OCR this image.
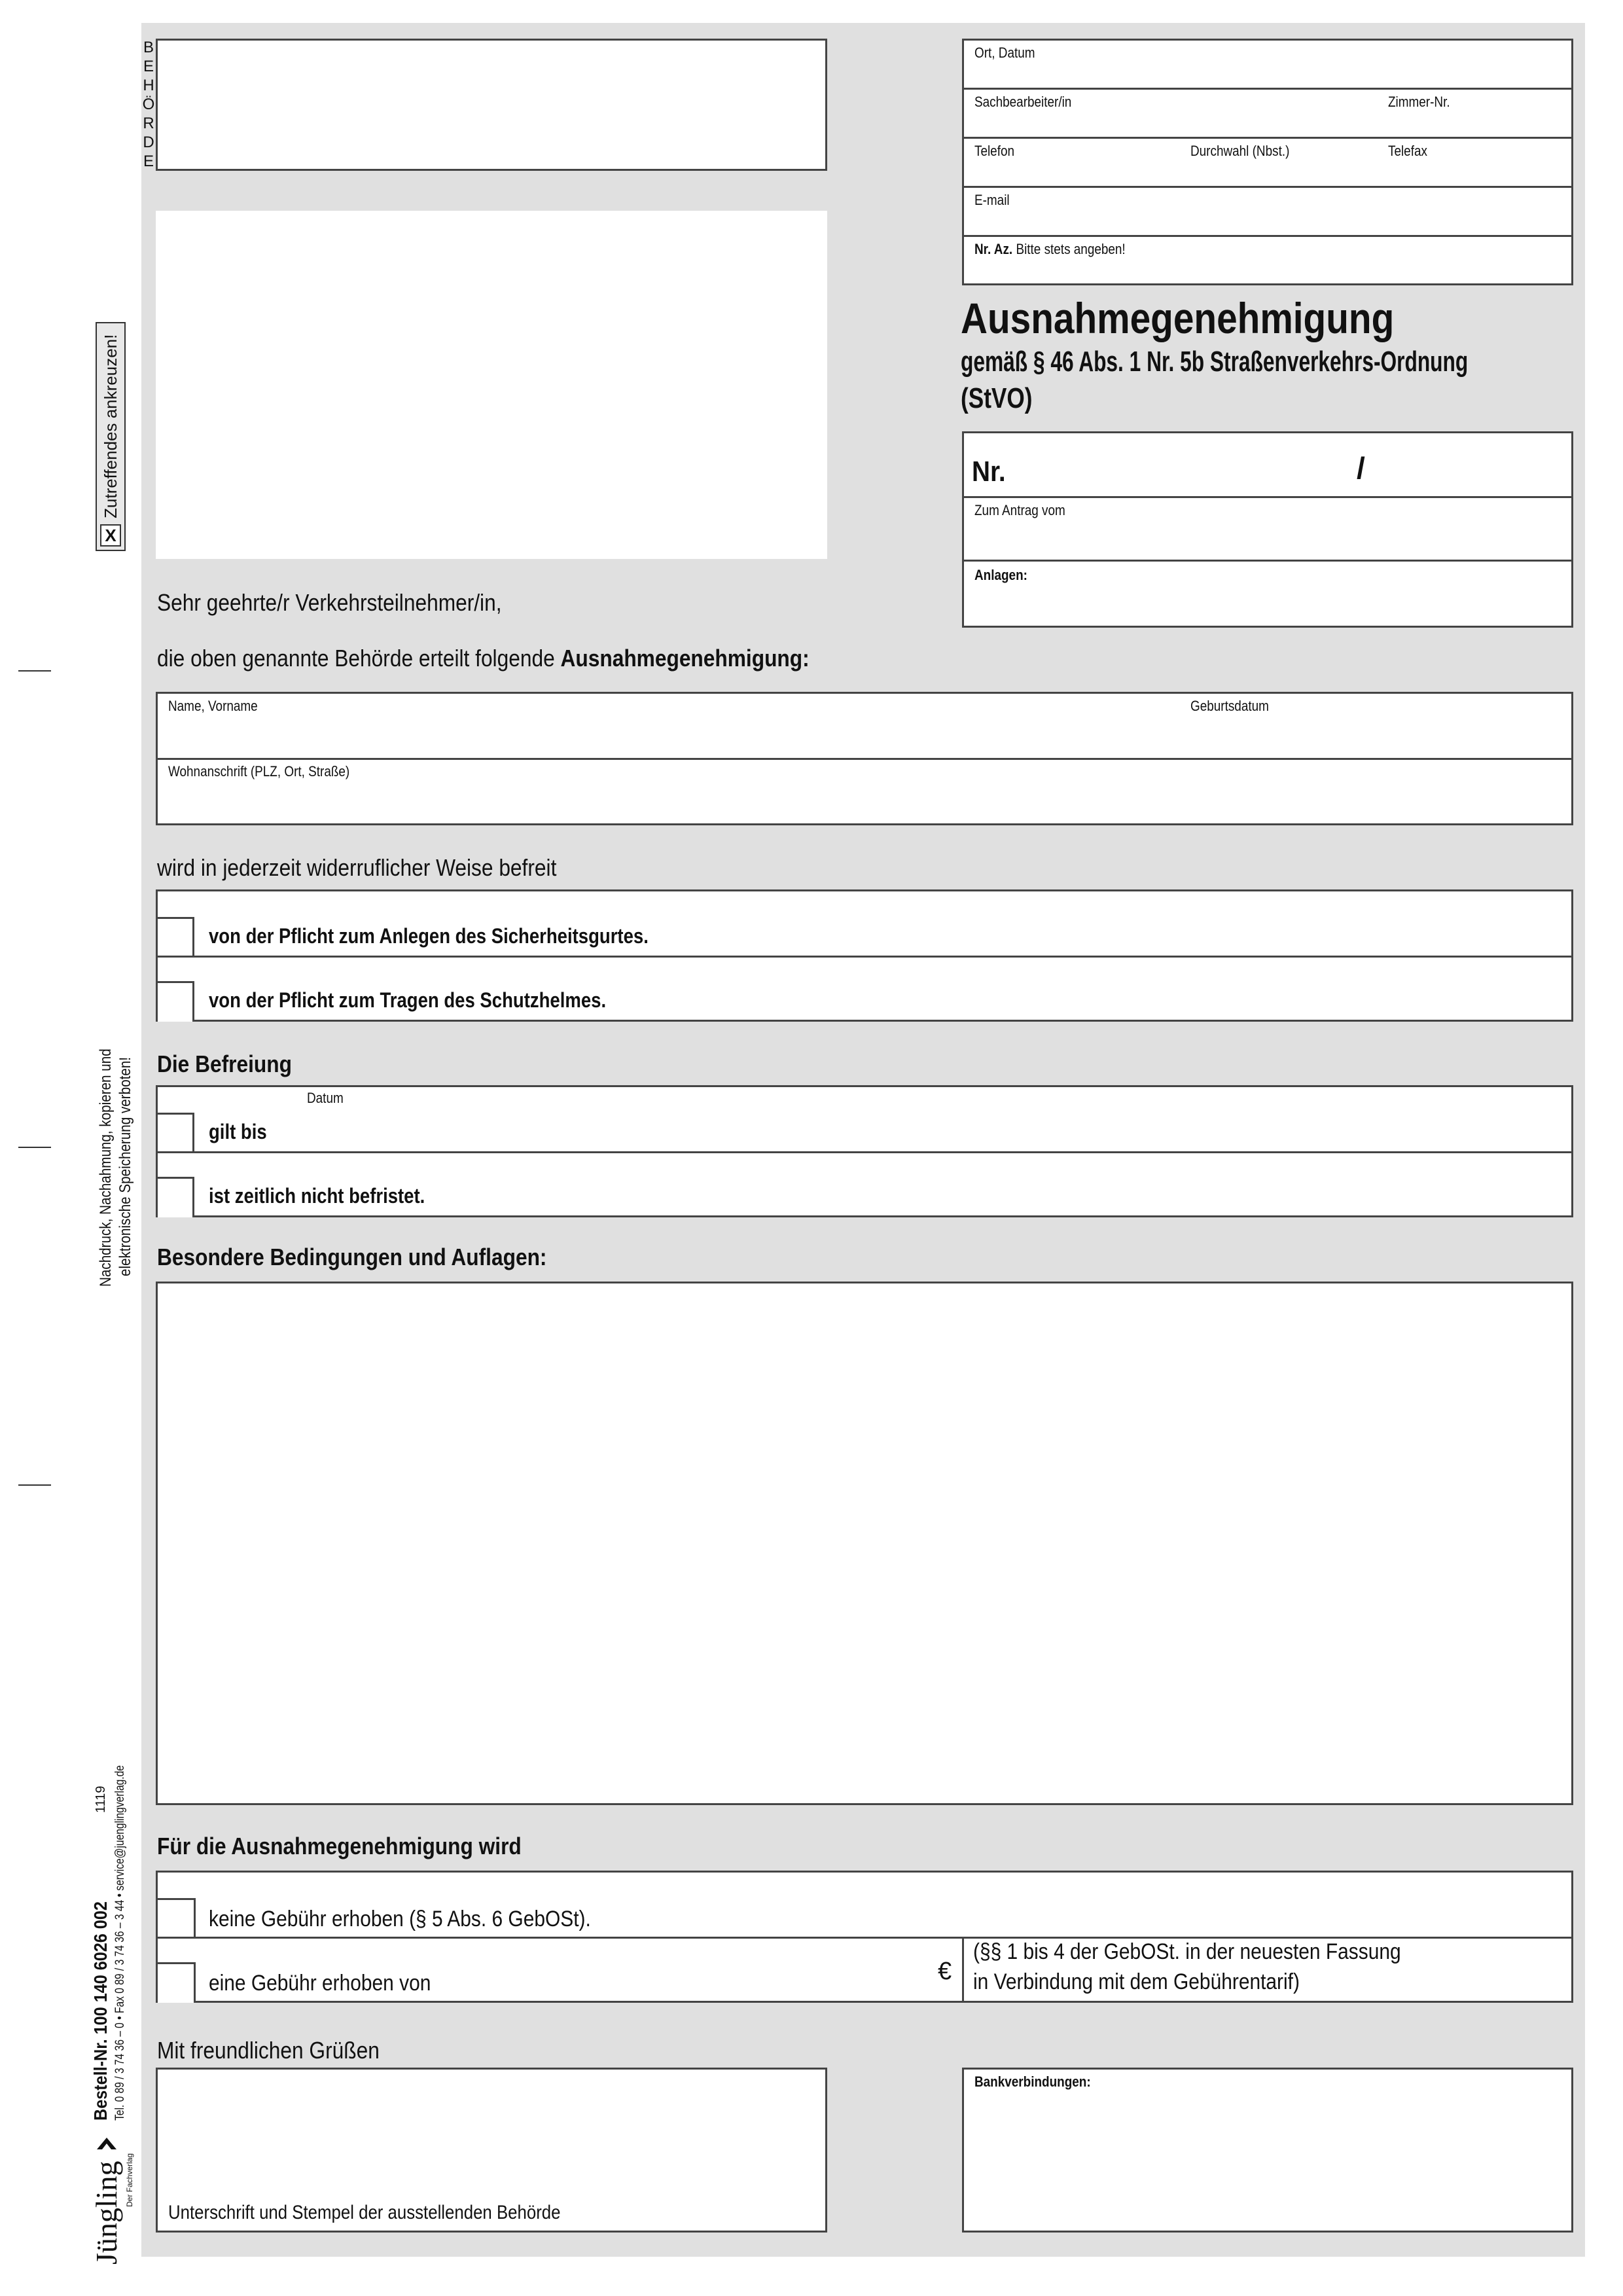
X
Zutreffendes ankreuzen!
Nachdruck, Nachahmung, kopieren und elektronische Speicherung verboten!
Jüngling Der Fachverlag
Bestell-Nr. 100 140 6026 002 Tel. 0 89 / 3 74 36 – 0 • Fax 0 89 / 3 74 36 – 3 44 • service@juenglingverlag.de
1119
B
E
H
Ö
R
D
E
Ort, Datum
Sachbearbeiter/in	Zimmer-Nr.
Telefon	Durchwahl (Nbst.)	Telefax
E-mail
Nr. Az. Bitte stets angeben!
Ausnahmegenehmigung
gemäß § 46 Abs. 1 Nr. 5b Straßenverkehrs-Ordnung
(StVO)
Nr.	/
Zum Antrag vom
Anlagen:
Sehr geehrte/r Verkehrsteilnehmer/in,
die oben genannte Behörde erteilt folgende Ausnahmegenehmigung:
Name, Vorname	Geburtsdatum
Wohnanschrift (PLZ, Ort, Straße)
wird in jederzeit widerruflicher Weise befreit
von der Pflicht zum Anlegen des Sicherheitsgurtes.
von der Pflicht zum Tragen des Schutzhelmes.
Die Befreiung
Datum
gilt bis
ist zeitlich nicht befristet.
Besondere Bedingungen und Auflagen:
Für die Ausnahmegenehmigung wird
keine Gebühr erhoben (§ 5 Abs. 6 GebOSt).
eine Gebühr erhoben von	€
(§§ 1 bis 4 der GebOSt. in der neuesten Fassung
in Verbindung mit dem Gebührentarif)
Mit freundlichen Grüßen
Unterschrift und Stempel der ausstellenden Behörde
Bankverbindungen:
